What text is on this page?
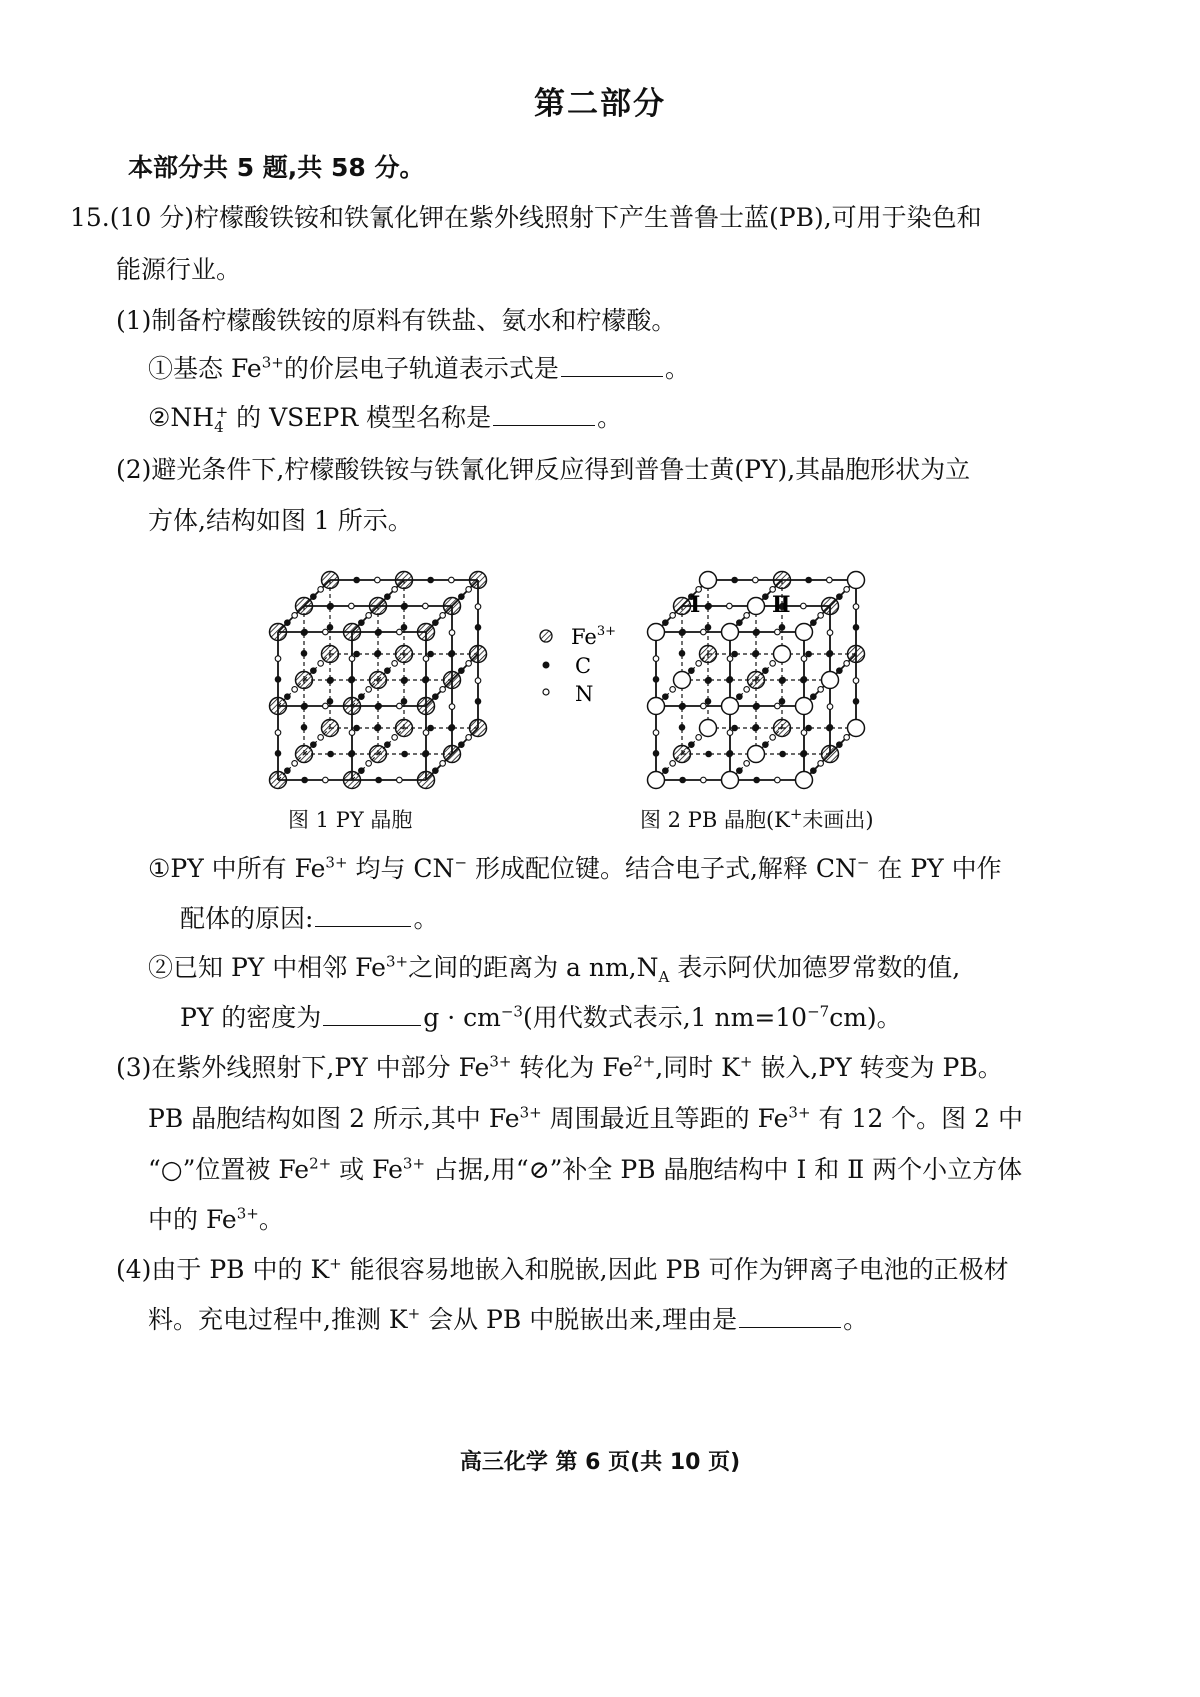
第二部分
本部分共 5 题,共 58 分。
15.(10 分)柠檬酸铁铵和铁氰化钾在紫外线照射下产生普鲁士蓝(PB),可用于染色和
能源行业。
(1)制备柠檬酸铁铵的原料有铁盐、氨水和柠檬酸。
①基态 $Fe^{3+}$的价层电子轨道表示式是	。
$②NH_4^+$ 的 VSEPR 模型名称是	。
(2)避光条件下,柠檬酸铁铵与铁氰化钾反应得到普鲁士黄(PY),其晶胞形状为立
方体,结构如图 1 所示。
$Fe^{3+}$
C
N
Ⅰ	Ⅱ
图 1 PY 晶胞	图 2 PB 晶胞(K+未画出)
①PY 中所有 $Fe^{3+}$ 均与 CN− 形成配位键。结合电子式,解释 CN− 在 PY 中作
配体的原因:	。
②已知 PY 中相邻 $Fe^{3+}$之间的距离为 a $nm,N_A$ 表示阿伏加德罗常数的值,
PY 的密度为	$g \cdot cm^{-3}$(用代数式表示,1 $nm=10^{-7}cm$)。
(3)在紫外线照射下,PY 中部分 $Fe^{3+}$ 转化为 $Fe^{2+}$,同时 K+ 嵌入,PY 转变为 PB。
PB 晶胞结构如图 2 所示,其中 $Fe^{3+}$ 周围最近且等距的 $Fe^{3+}$ 有 12 个。图 2 中
“○”位置被 $Fe^{2+}$ 或 $Fe^{3+}$ 占据,用“⊘”补全 PB 晶胞结构中 Ⅰ 和 Ⅱ 两个小立方体
中的 $Fe^{3+}$。
(4)由于 PB 中的 K+ 能很容易地嵌入和脱嵌,因此 PB 可作为钾离子电池的正极材
料。充电过程中,推测 K+ 会从 PB 中脱嵌出来,理由是	。
高三化学 第 6 页(共 10 页)
